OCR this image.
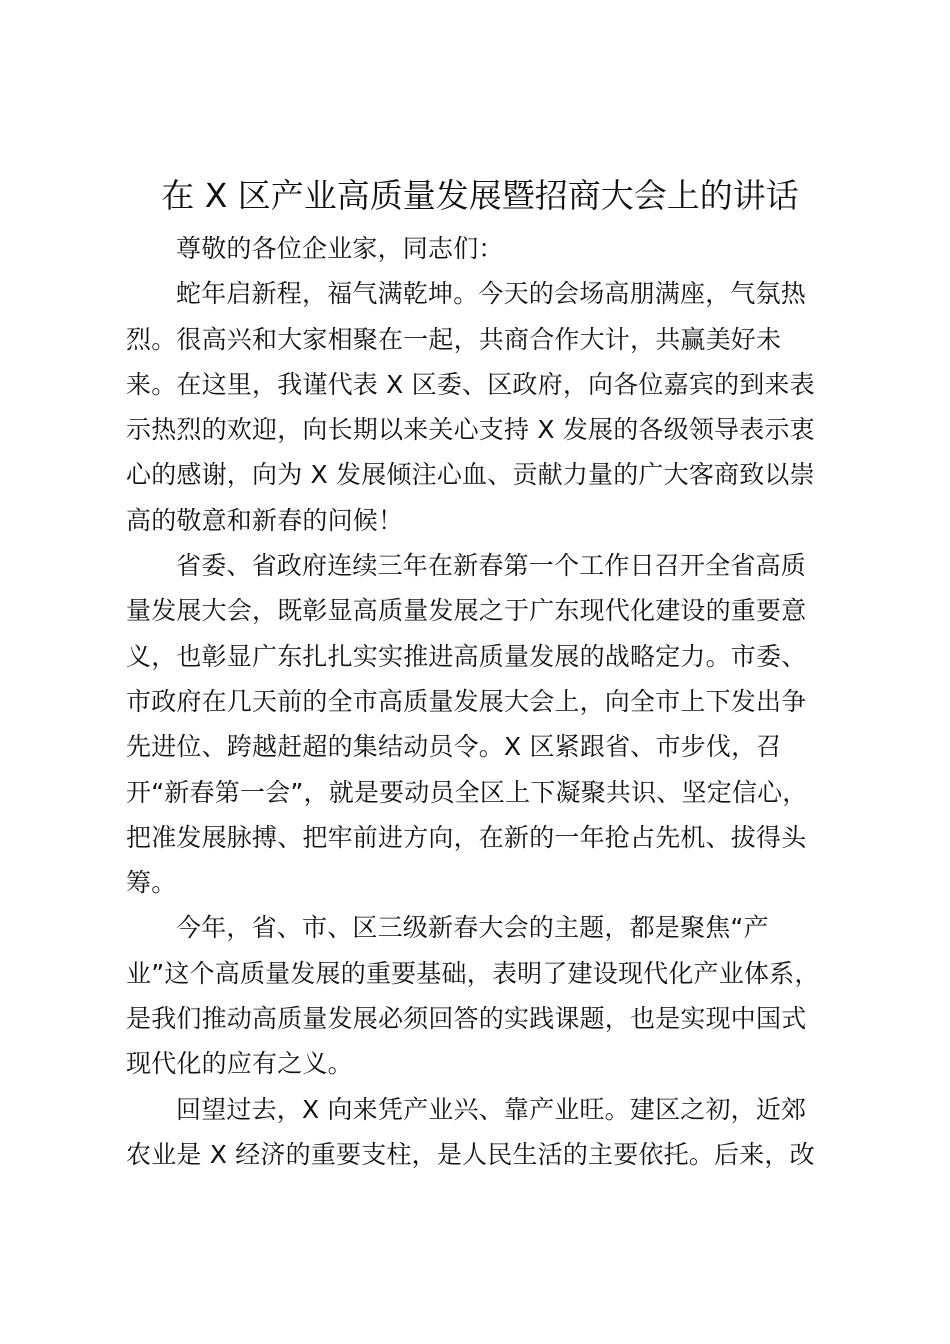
在 X 区产业高质量发展暨招商大会上的讲话
尊敬的各位企业家，同志们：
蛇年启新程，福气满乾坤。今天的会场高朋满座，气氛热
烈。很高兴和大家相聚在一起，共商合作大计，共赢美好未
来。在这里，我谨代表 X 区委、区政府，向各位嘉宾的到来表
示热烈的欢迎，向长期以来关心支持 X 发展的各级领导表示衷
心的感谢，向为 X 发展倾注心血、贡献力量的广大客商致以崇
高的敬意和新春的问候！
省委、省政府连续三年在新春第一个工作日召开全省高质
量发展大会，既彰显高质量发展之于广东现代化建设的重要意
义，也彰显广东扎扎实实推进高质量发展的战略定力。市委、
市政府在几天前的全市高质量发展大会上，向全市上下发出争
先进位、跨越赶超的集结动员令。X 区紧跟省、市步伐，召
开“新春第一会”，就是要动员全区上下凝聚共识、坚定信心，
把准发展脉搏、把牢前进方向，在新的一年抢占先机、拔得头
筹。
今年，省、市、区三级新春大会的主题，都是聚焦“产
业”这个高质量发展的重要基础，表明了建设现代化产业体系，
是我们推动高质量发展必须回答的实践课题，也是实现中国式
现代化的应有之义。
回望过去，X 向来凭产业兴、靠产业旺。建区之初，近郊
农业是 X 经济的重要支柱，是人民生活的主要依托。后来，改
